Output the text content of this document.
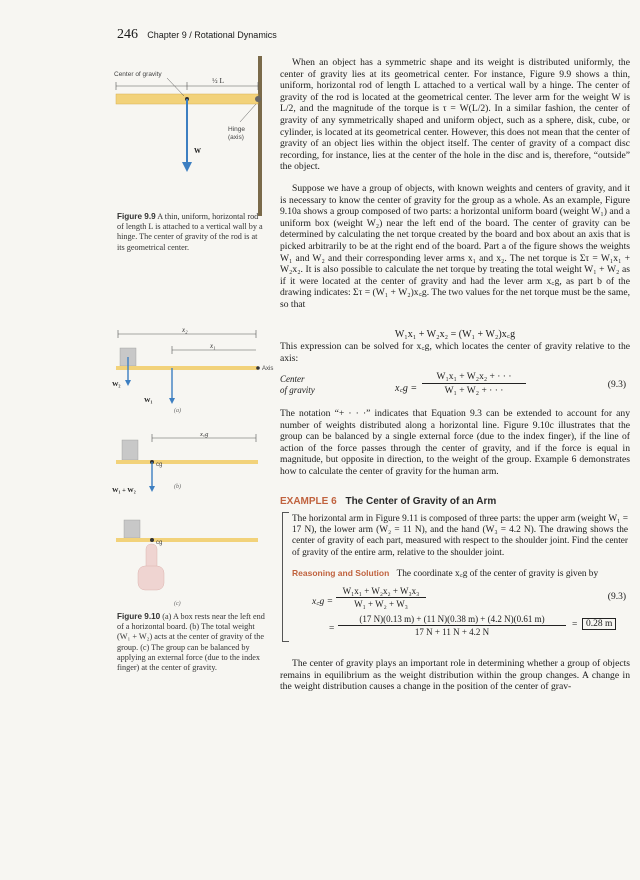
246 Chapter 9 / Rotational Dynamics
Center of gravity
½ L
Hinge
(axis)
W
Figure 9.9 A thin, uniform, horizontal rod of length L is attached to a vertical wall by a hinge. The center of gravity of the rod is at its geometrical center.
x₂
x₁
Axis
W₂
W₁
(a)
x꜀g
cg
(b)
W₁ + W₂
cg
(c)
Figure 9.10 (a) A box rests near the left end of a horizontal board. (b) The total weight (W₁ + W₂) acts at the center of gravity of the group. (c) The group can be balanced by applying an external force (due to the index finger) at the center of gravity.
When an object has a symmetric shape and its weight is distributed uniformly, the center of gravity lies at its geometrical center. For instance, Figure 9.9 shows a thin, uniform, horizontal rod of length L attached to a vertical wall by a hinge. The center of gravity of the rod is located at the geometrical center. The lever arm for the weight W is L/2, and the magnitude of the torque is τ = W(L/2). In a similar fashion, the center of gravity of any symmetrically shaped and uniform object, such as a sphere, disk, cube, or cylinder, is located at its geometrical center. However, this does not mean that the center of gravity of an object lies within the object itself. The center of gravity of a compact disc recording, for instance, lies at the center of the hole in the disc and is, therefore, “outside” the object.
Suppose we have a group of objects, with known weights and centers of gravity, and it is necessary to know the center of gravity for the group as a whole. As an example, Figure 9.10a shows a group composed of two parts: a horizontal uniform board (weight W₁) and a uniform box (weight W₂) near the left end of the board. The center of gravity can be determined by calculating the net torque created by the board and box about an axis that is picked arbitrarily to be at the right end of the board. Part a of the figure shows the weights W₁ and W₂ and their corresponding lever arms x₁ and x₂. The net torque is Στ = W₁x₁ + W₂x₂. It is also possible to calculate the net torque by treating the total weight W₁ + W₂ as if it were located at the center of gravity and had the lever arm x꜀g, as part b of the drawing indicates: Στ = (W₁ + W₂)x꜀g. The two values for the net torque must be the same, so that
W₁x₁ + W₂x₂ = (W₁ + W₂)x꜀g
This expression can be solved for x꜀g, which locates the center of gravity relative to the axis:
Center
of gravity	x꜀g = $\frac{\text{W₁x₁ + W₂x₂ + · · ·}}{\text{W₁ + W₂ + · · ·}}$	(9.3)
The notation “+ · · ·” indicates that Equation 9.3 can be extended to account for any number of weights distributed along a horizontal line. Figure 9.10c illustrates that the group can be balanced by a single external force (due to the index finger), if the line of action of the force passes through the center of gravity, and if the force is equal in magnitude, but opposite in direction, to the weight of the group. Example 6 demonstrates how to calculate the center of gravity for the human arm.
EXAMPLE 6 The Center of Gravity of an Arm
The horizontal arm in Figure 9.11 is composed of three parts: the upper arm (weight W₁ = 17 N), the lower arm (W₂ = 11 N), and the hand (W₃ = 4.2 N). The drawing shows the center of gravity of each part, measured with respect to the shoulder joint. Find the center of gravity of the entire arm, relative to the shoulder joint.
Reasoning and Solution The coordinate x꜀g of the center of gravity is given by
x꜀g =
W₁x₁ + W₂x₂ + W₃x₃
W₁ + W₂ + W₃
(9.3)
=
(17 N)(0.13 m) + (11 N)(0.38 m) + (4.2 N)(0.61 m)
17 N + 11 N + 4.2 N
= 0.28 m
The center of gravity plays an important role in determining whether a group of objects remains in equilibrium as the weight distribution within the group changes. A change in the weight distribution causes a change in the position of the center of grav-
